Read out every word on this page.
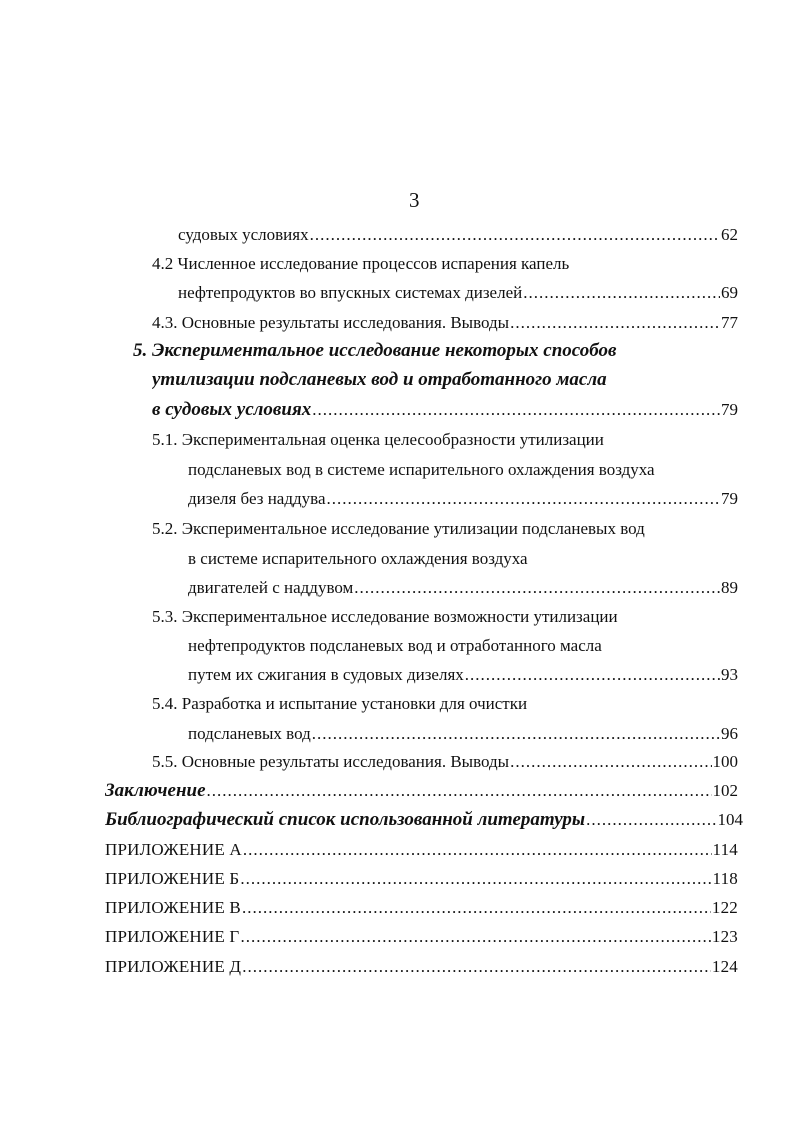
3
судовых условиях .....	62
4.2 Численное исследование процессов испарения капель
нефтепродуктов во впускных системах дизелей .....	69
4.3. Основные результаты исследования. Выводы .....	77
5. Экспериментальное исследование некоторых способов
утилизации подсланевых вод и отработанного масла
в судовых условиях .....	79
5.1. Экспериментальная оценка целесообразности утилизации
подсланевых вод в системе испарительного охлаждения воздуха
дизеля без наддува .....	79
5.2. Экспериментальное исследование утилизации подсланевых вод
в системе испарительного охлаждения воздуха
двигателей с наддувом .....	89
5.3. Экспериментальное исследование возможности утилизации
нефтепродуктов подсланевых вод и отработанного масла
путем их сжигания в судовых дизелях .....	93
5.4. Разработка и испытание установки для очистки
подсланевых вод .....	96
5.5. Основные результаты исследования. Выводы .....	100
Заключение .....	102
Библиографический список использованной литературы .....	104
ПРИЛОЖЕНИЕ А .....	114
ПРИЛОЖЕНИЕ Б .....	118
ПРИЛОЖЕНИЕ В .....	122
ПРИЛОЖЕНИЕ Г .....	123
ПРИЛОЖЕНИЕ Д .....	124
